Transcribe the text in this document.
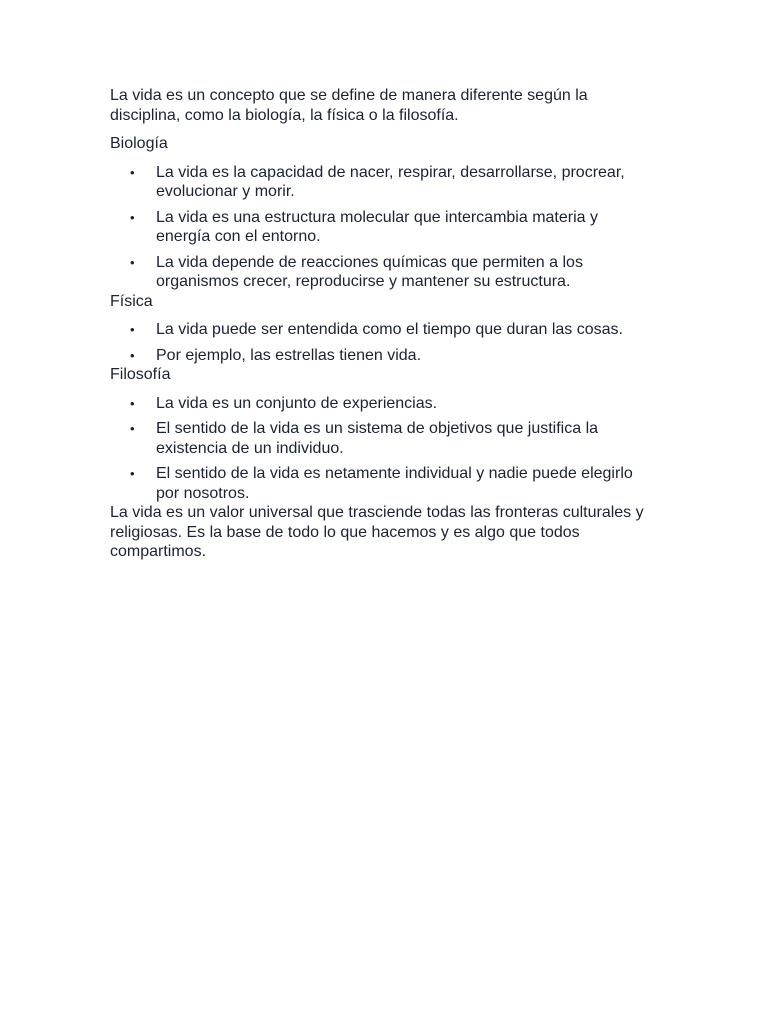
La vida es un concepto que se define de manera diferente según la disciplina, como la biología, la física o la filosofía.

Biología

•	La vida es la capacidad de nacer, respirar, desarrollarse, procrear, evolucionar y morir.
•	La vida es una estructura molecular que intercambia materia y energía con el entorno.
•	La vida depende de reacciones químicas que permiten a los organismos crecer, reproducirse y mantener su estructura.

Física

•	La vida puede ser entendida como el tiempo que duran las cosas.
•	Por ejemplo, las estrellas tienen vida.

Filosofía

•	La vida es un conjunto de experiencias.
•	El sentido de la vida es un sistema de objetivos que justifica la existencia de un individuo.
•	El sentido de la vida es netamente individual y nadie puede elegirlo por nosotros.

La vida es un valor universal que trasciende todas las fronteras culturales y religiosas. Es la base de todo lo que hacemos y es algo que todos compartimos.
